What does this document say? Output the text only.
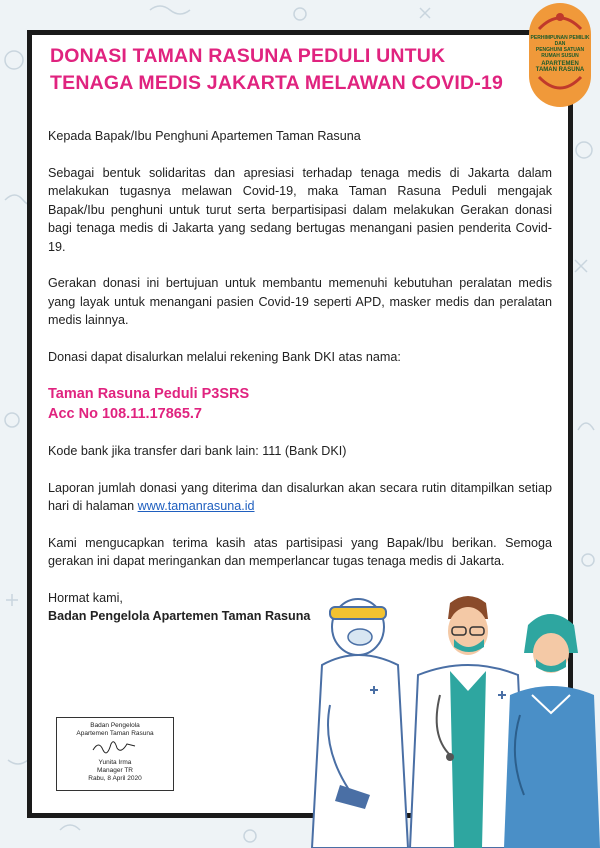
DONASI TAMAN RASUNA PEDULI UNTUK
TENAGA MEDIS JAKARTA MELAWAN COVID-19

Kepada Bapak/Ibu Penghuni Apartemen Taman Rasuna

Sebagai bentuk solidaritas dan apresiasi terhadap tenaga medis di Jakarta dalam melakukan tugasnya melawan Covid-19, maka Taman Rasuna Peduli mengajak Bapak/Ibu penghuni untuk turut serta berpartisipasi dalam melakukan Gerakan donasi bagi tenaga medis di Jakarta yang sedang bertugas menangani pasien penderita Covid-19.

Gerakan donasi ini bertujuan untuk membantu memenuhi kebutuhan peralatan medis yang layak untuk menangani pasien Covid-19 seperti APD, masker medis dan peralatan medis lainnya.

Donasi dapat disalurkan melalui rekening Bank DKI atas nama:

Taman Rasuna Peduli P3SRS
Acc No 108.11.17865.7

Kode bank jika transfer dari bank lain: 111 (Bank DKI)

Laporan jumlah donasi yang diterima dan disalurkan akan secara rutin ditampilkan setiap hari di halaman www.tamanrasuna.id

Kami mengucapkan terima kasih atas partisipasi yang Bapak/Ibu berikan. Semoga gerakan ini dapat meringankan dan memperlancar tugas tenaga medis di Jakarta.

Hormat kami,
Badan Pengelola Apartemen Taman Rasuna
Badan Pengelola
Apartemen Taman Rasuna
Yunita Irma
Manager TR
Rabu, 8 April 2020
PERHIMPUNAN PEMILIK DAN
PENGHUNI SATUAN RUMAH SUSUN
APARTEMEN
TAMAN RASUNA
